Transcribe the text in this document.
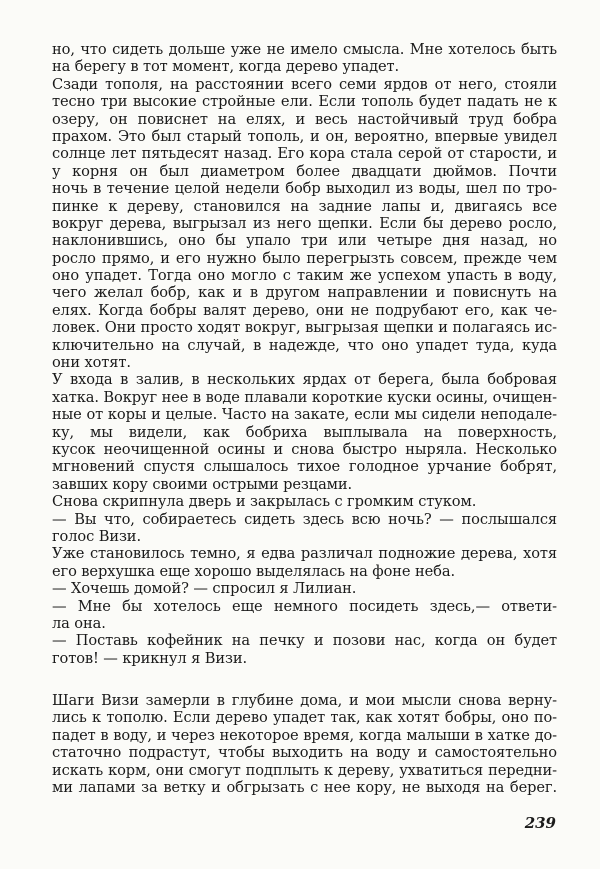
но, что сидеть дольше уже не имело смысла. Мне хотелось быть
на берегу в тот момент, когда дерево упадет.
Сзади тополя, на расстоянии всего семи ярдов от него, стояли
тесно три высокие стройные ели. Если тополь будет падать не к
озеру, он повиснет на елях, и весь настойчивый труд бобра
прахом. Это был старый тополь, и он, вероятно, впервые увидел
солнце лет пятьдесят назад. Его кора стала серой от старости, и
у корня он был диаметром более двадцати дюймов. Почти
ночь в течение целой недели бобр выходил из воды, шел по тро-
пинке к дереву, становился на задние лапы и, двигаясь все
вокруг дерева, выгрызал из него щепки. Если бы дерево росло,
наклонившись, оно бы упало три или четыре дня назад, но
росло прямо, и его нужно было перегрызть совсем, прежде чем
оно упадет. Тогда оно могло с таким же успехом упасть в воду,
чего желал бобр, как и в другом направлении и повиснуть на
елях. Когда бобры валят дерево, они не подрубают его, как че-
ловек. Они просто ходят вокруг, выгрызая щепки и полагаясь ис-
ключительно на случай, в надежде, что оно упадет туда, куда
они хотят.
У входа в залив, в нескольких ярдах от берега, была бобровая
хатка. Вокруг нее в воде плавали короткие куски осины, очищен-
ные от коры и целые. Часто на закате, если мы сидели неподале-
ку, мы видели, как бобриха выплывала на поверхность,
кусок неочищенной осины и снова быстро ныряла. Несколько
мгновений спустя слышалось тихое голодное урчание бобрят,
завших кору своими острыми резцами.
Снова скрипнула дверь и закрылась с громким стуком.
— Вы что, собираетесь сидеть здесь всю ночь? — послышался
голос Визи.
Уже становилось темно, я едва различал подножие дерева, хотя
его верхушка еще хорошо выделялась на фоне неба.
— Хочешь домой? — спросил я Лилиан.
— Мне бы хотелось еще немного посидеть здесь,— ответи-
ла она.
— Поставь кофейник на печку и позови нас, когда он будет
готов! — крикнул я Визи.
Шаги Визи замерли в глубине дома, и мои мысли снова верну-
лись к тополю. Если дерево упадет так, как хотят бобры, оно по-
падет в воду, и через некоторое время, когда малыши в хатке до-
статочно подрастут, чтобы выходить на воду и самостоятельно
искать корм, они смогут подплыть к дереву, ухватиться передни-
ми лапами за ветку и обгрызать с нее кору, не выходя на берег.
239
